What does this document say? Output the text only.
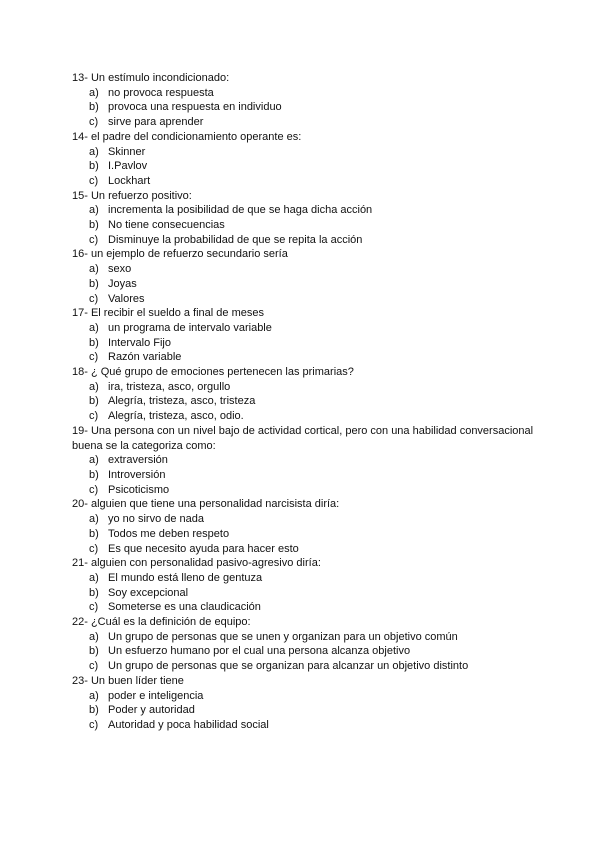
13- Un estímulo incondicionado:
a) no provoca respuesta
b) provoca una respuesta en individuo
c) sirve para aprender
14- el padre del condicionamiento operante es:
a) Skinner
b) I.Pavlov
c) Lockhart
15- Un refuerzo positivo:
a) incrementa la posibilidad de que se haga dicha acción
b) No tiene consecuencias
c) Disminuye la probabilidad de que se repita la acción
16- un ejemplo de refuerzo secundario sería
a) sexo
b) Joyas
c) Valores
17- El recibir el sueldo a final de meses
a) un programa de intervalo variable
b) Intervalo Fijo
c) Razón variable
18- ¿ Qué grupo de emociones pertenecen las primarias?
a) ira, tristeza, asco, orgullo
b) Alegría, tristeza, asco, tristeza
c) Alegría, tristeza, asco, odio.
19- Una persona con un nivel bajo de actividad cortical, pero con una habilidad conversacional buena se la categoriza como:
a) extraversión
b) Introversión
c) Psicoticismo
20- alguien que tiene una personalidad narcisista diría:
a) yo no sirvo de nada
b) Todos me deben respeto
c) Es que necesito ayuda para hacer esto
21- alguien con personalidad pasivo-agresivo diría:
a) El mundo está lleno de gentuza
b) Soy excepcional
c) Someterse es una claudicación
22- ¿Cuál es la definición de equipo:
a) Un grupo de personas que se unen y organizan para un objetivo común
b) Un esfuerzo humano por el cual una persona alcanza objetivo
c) Un grupo de personas que se organizan para alcanzar un objetivo distinto
23- Un buen líder tiene
a) poder e inteligencia
b) Poder y autoridad
c) Autoridad y poca habilidad social
